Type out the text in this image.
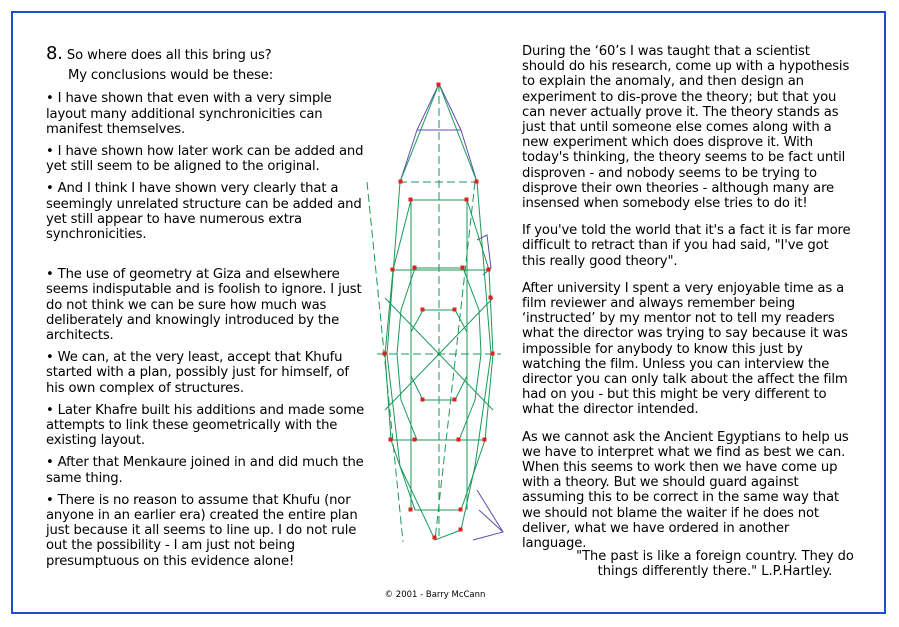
8. So where does all this bring us?
My conclusions would be these:

• I have shown that even with a very simple layout many additional synchronicities can manifest themselves.

• I have shown how later work can be added and yet still seem to be aligned to the original.

• And I think I have shown very clearly that a seemingly unrelated structure can be added and yet still appear to have numerous extra synchronicities.

• The use of geometry at Giza and elsewhere seems indisputable and is foolish to ignore. I just do not think we can be sure how much was deliberately and knowingly introduced by the architects.

• We can, at the very least, accept that Khufu started with a plan, possibly just for himself, of his own complex of structures.

• Later Khafre built his additions and made some attempts to link these geometrically with the existing layout.

• After that Menkaure joined in and did much the same thing.

• There is no reason to assume that Khufu (nor anyone in an earlier era) created the entire plan just because it all seems to line up. I do not rule out the possibility - I am just not being presumptuous on this evidence alone!

During the ‘60’s I was taught that a scientist should do his research, come up with a hypothesis to explain the anomaly, and then design an experiment to dis-prove the theory; but that you can never actually prove it. The theory stands as just that until someone else comes along with a new experiment which does disprove it. With today's thinking, the theory seems to be fact until disproven - and nobody seems to be trying to disprove their own theories - although many are insensed when somebody else tries to do it!

If you've told the world that it's a fact it is far more difficult to retract than if you had said, "I've got this really good theory".

After university I spent a very enjoyable time as a film reviewer and always remember being ‘instructed’ by my mentor not to tell my readers what the director was trying to say because it was impossible for anybody to know this just by watching the film. Unless you can interview the director you can only talk about the affect the film had on you - but this might be very different to what the director intended.

As we cannot ask the Ancient Egyptians to help us we have to interpret what we find as best we can. When this seems to work then we have come up with a theory. But we should guard against assuming this to be correct in the same way that we should not blame the waiter if he does not deliver, what we have ordered in another language.

"The past is like a foreign country. They do
things differently there." L.P.Hartley.
© 2001 - Barry McCann
